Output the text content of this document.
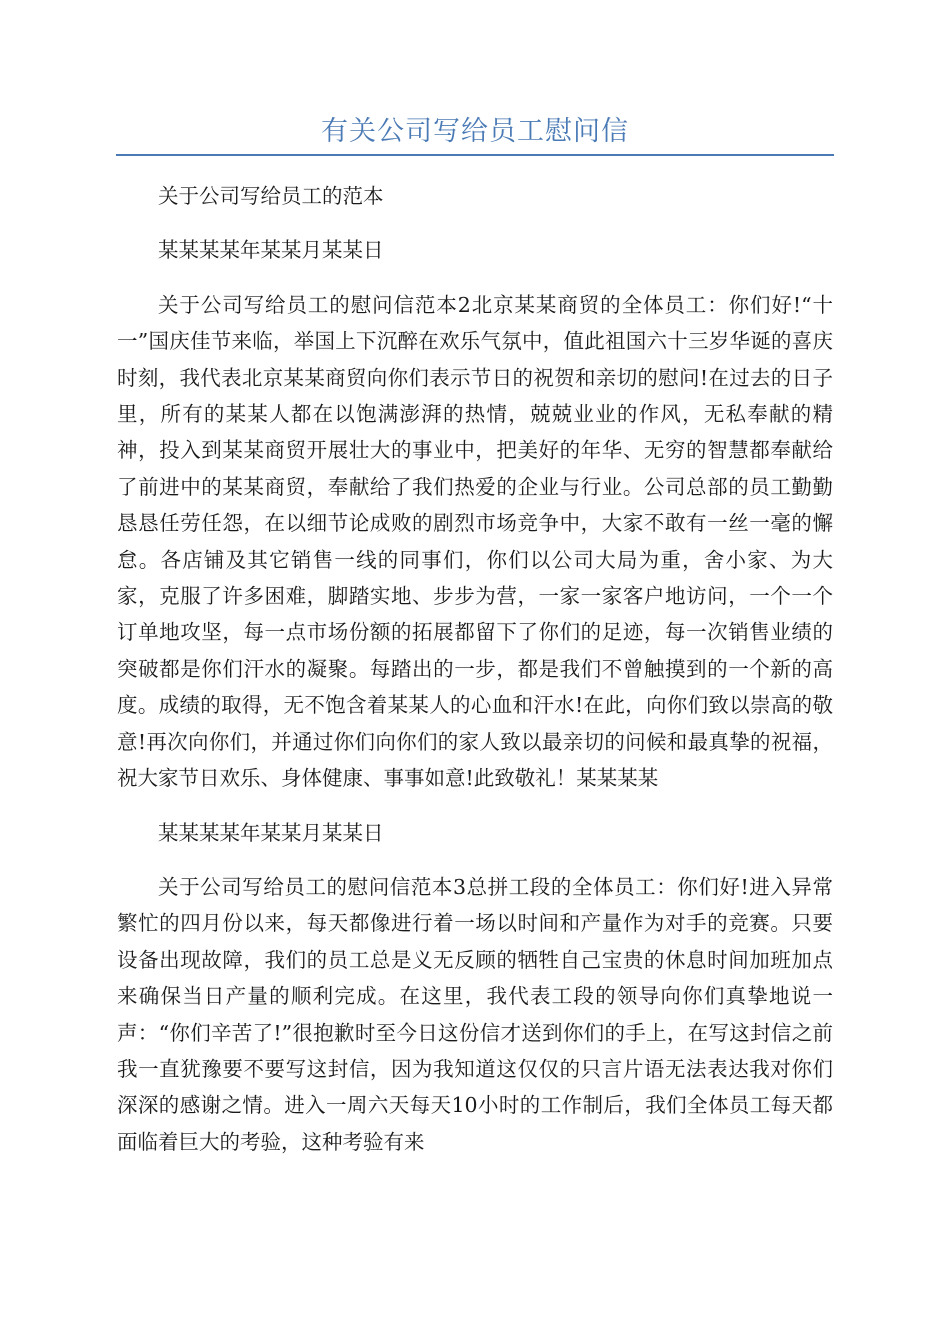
有关公司写给员工慰问信

关于公司写给员工的范本

某某某某年某某月某某日

关于公司写给员工的慰问信范本2北京某某商贸的全体员工：你们好!“十一”国庆佳节来临，举国上下沉醉在欢乐气氛中，值此祖国六十三岁华诞的喜庆时刻，我代表北京某某商贸向你们表示节日的祝贺和亲切的慰问!在过去的日子里，所有的某某人都在以饱满澎湃的热情，兢兢业业的作风，无私奉献的精神，投入到某某商贸开展壮大的事业中，把美好的年华、无穷的智慧都奉献给了前进中的某某商贸，奉献给了我们热爱的企业与行业。公司总部的员工勤勤恳恳任劳任怨，在以细节论成败的剧烈市场竞争中，大家不敢有一丝一毫的懈怠。各店铺及其它销售一线的同事们，你们以公司大局为重，舍小家、为大家，克服了许多困难，脚踏实地、步步为营，一家一家客户地访问，一个一个订单地攻坚，每一点市场份额的拓展都留下了你们的足迹，每一次销售业绩的突破都是你们汗水的凝聚。每踏出的一步，都是我们不曾触摸到的一个新的高度。成绩的取得，无不饱含着某某人的心血和汗水!在此，向你们致以崇高的敬意!再次向你们，并通过你们向你们的家人致以最亲切的问候和最真挚的祝福，祝大家节日欢乐、身体健康、事事如意!此致敬礼！某某某某

某某某某年某某月某某日

关于公司写给员工的慰问信范本3总拼工段的全体员工：你们好!进入异常繁忙的四月份以来，每天都像进行着一场以时间和产量作为对手的竞赛。只要设备出现故障，我们的员工总是义无反顾的牺牲自己宝贵的休息时间加班加点来确保当日产量的顺利完成。在这里，我代表工段的领导向你们真挚地说一声：“你们辛苦了!”很抱歉时至今日这份信才送到你们的手上，在写这封信之前我一直犹豫要不要写这封信，因为我知道这仅仅的只言片语无法表达我对你们深深的感谢之情。进入一周六天每天10小时的工作制后，我们全体员工每天都面临着巨大的考验，这种考验有来
